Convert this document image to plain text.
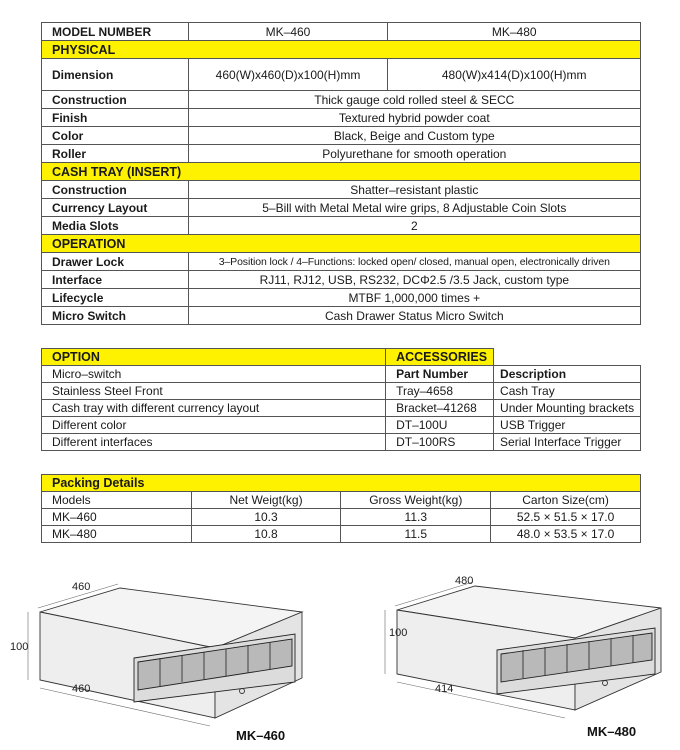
MODEL NUMBER	MK–460	MK–480
PHYSICAL		
Dimension	460(W)x460(D)x100(H)mm	480(W)x414(D)x100(H)mm
Construction	Thick gauge cold rolled steel & SECC	
Finish	Textured hybrid powder coat	
Color	Black, Beige and Custom type	
Roller	Polyurethane for smooth operation	
CASH TRAY (INSERT)		
Construction	Shatter–resistant plastic	
Currency Layout	5–Bill with Metal Metal wire grips, 8 Adjustable Coin Slots	
Media Slots	2	
OPERATION		
Drawer Lock	3–Position lock / 4–Functions: locked open/ closed, manual open, electronically driven	
Interface	RJ11, RJ12, USB, RS232, DCΦ2.5 /3.5 Jack, custom type	
Lifecycle	MTBF 1,000,000 times +	
Micro Switch	Cash Drawer Status Micro Switch	
OPTION	ACCESSORIES	
Micro–switch	Part Number	Description
Stainless Steel Front	Tray–4658	Cash Tray
Cash tray with different currency layout	Bracket–41268	Under Mounting brackets
Different color	DT–100U	USB Trigger
Different interfaces	DT–100RS	Serial Interface Trigger
Packing Details			
Models	Net Weigt(kg)	Gross Weight(kg)	Carton Size(cm)
MK–460	10.3	11.3	52.5 × 51.5 × 17.0
MK–480	10.8	11.5	48.0 × 53.5 × 17.0
460
100
460
MK–460
480
100
414
MK–480
